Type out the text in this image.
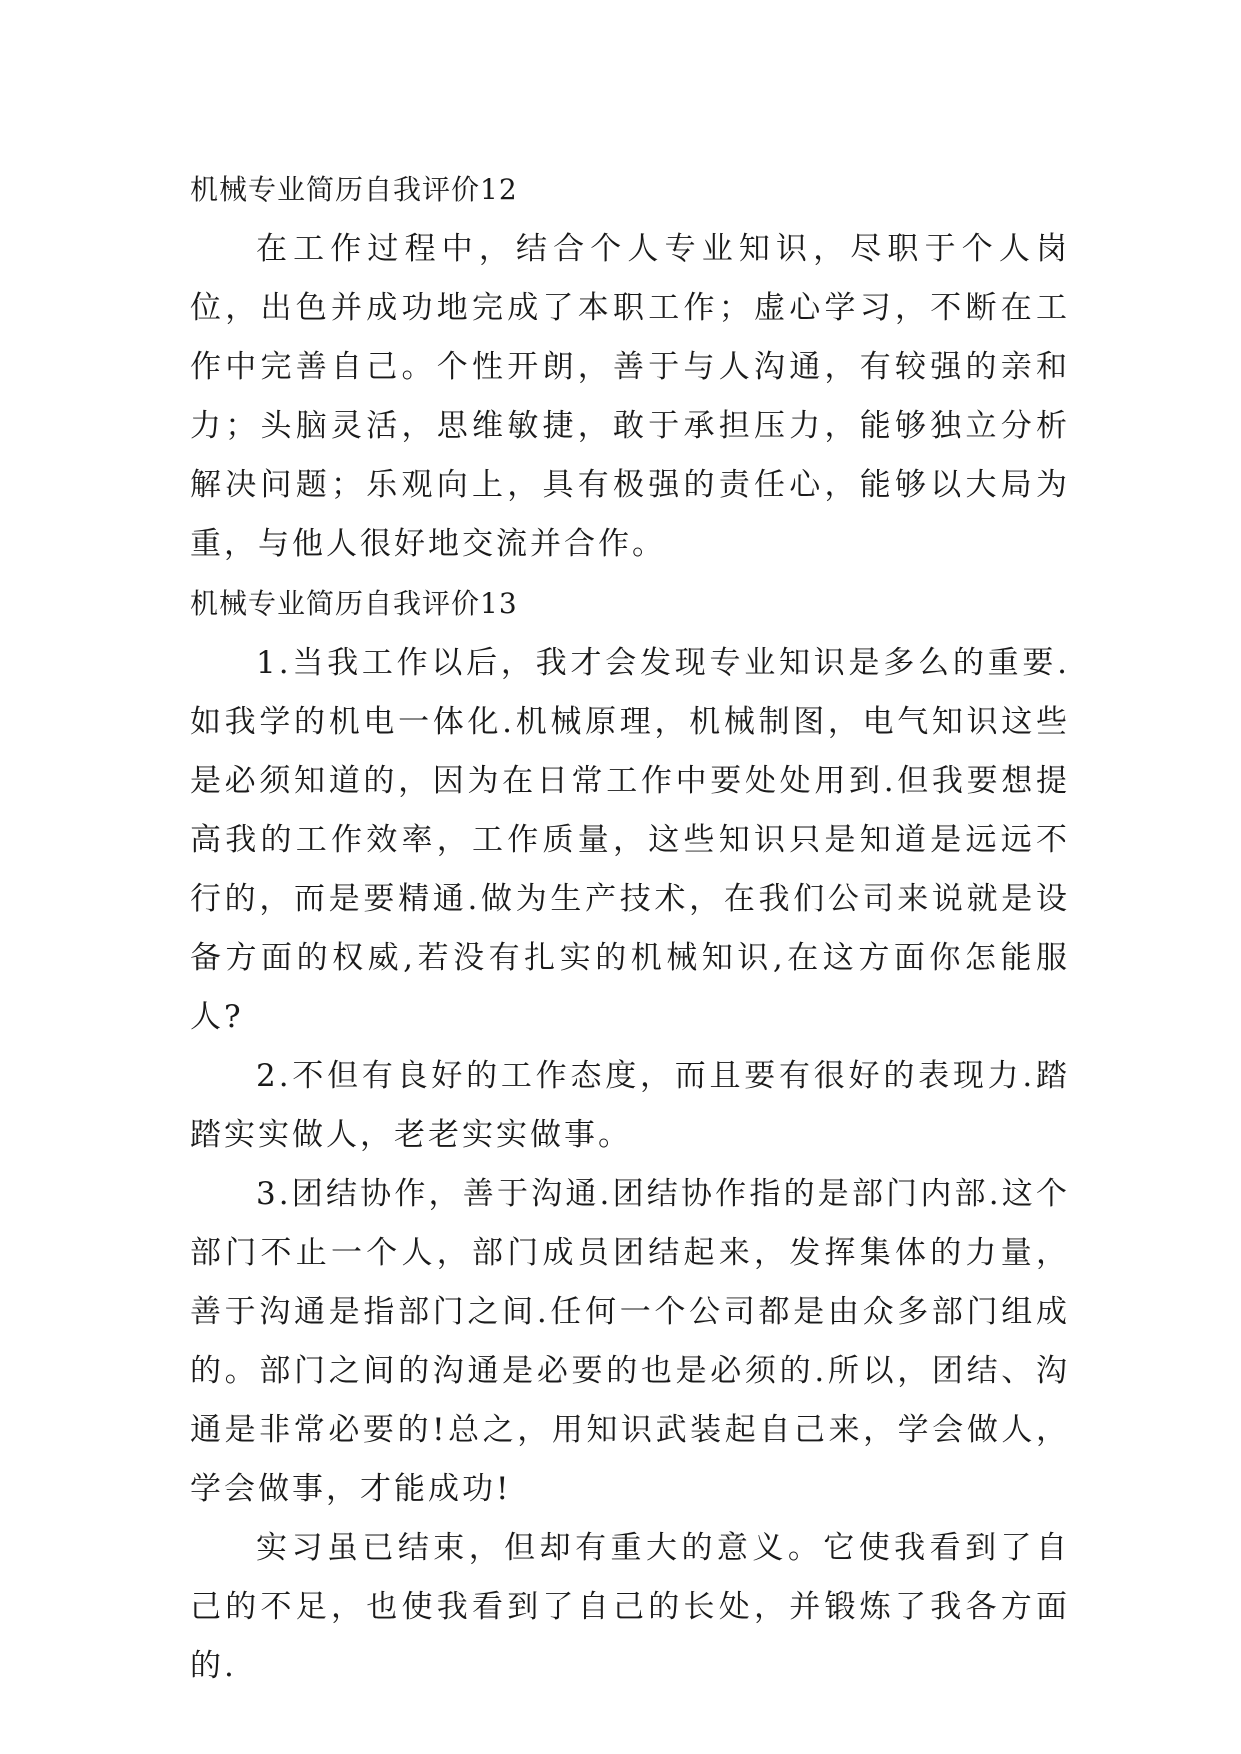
机械专业简历自我评价12

在工作过程中，结合个人专业知识，尽职于个人岗位，出色并成功地完成了本职工作；虚心学习，不断在工作中完善自己。个性开朗，善于与人沟通，有较强的亲和力；头脑灵活，思维敏捷，敢于承担压力，能够独立分析解决问题；乐观向上，具有极强的责任心，能够以大局为重，与他人很好地交流并合作。

机械专业简历自我评价13

1.当我工作以后，我才会发现专业知识是多么的重要.如我学的机电一体化.机械原理，机械制图，电气知识这些是必须知道的，因为在日常工作中要处处用到.但我要想提高我的工作效率，工作质量，这些知识只是知道是远远不行的，而是要精通.做为生产技术，在我们公司来说就是设备方面的权威,若没有扎实的机械知识,在这方面你怎能服人?

2.不但有良好的工作态度，而且要有很好的表现力.踏踏实实做人，老老实实做事。

3.团结协作，善于沟通.团结协作指的是部门内部.这个部门不止一个人，部门成员团结起来，发挥集体的力量，善于沟通是指部门之间.任何一个公司都是由众多部门组成的。部门之间的沟通是必要的也是必须的.所以，团结、沟通是非常必要的!总之，用知识武装起自己来，学会做人，学会做事，才能成功!

实习虽已结束，但却有重大的意义。它使我看到了自己的不足，也使我看到了自己的长处，并锻炼了我各方面的.
